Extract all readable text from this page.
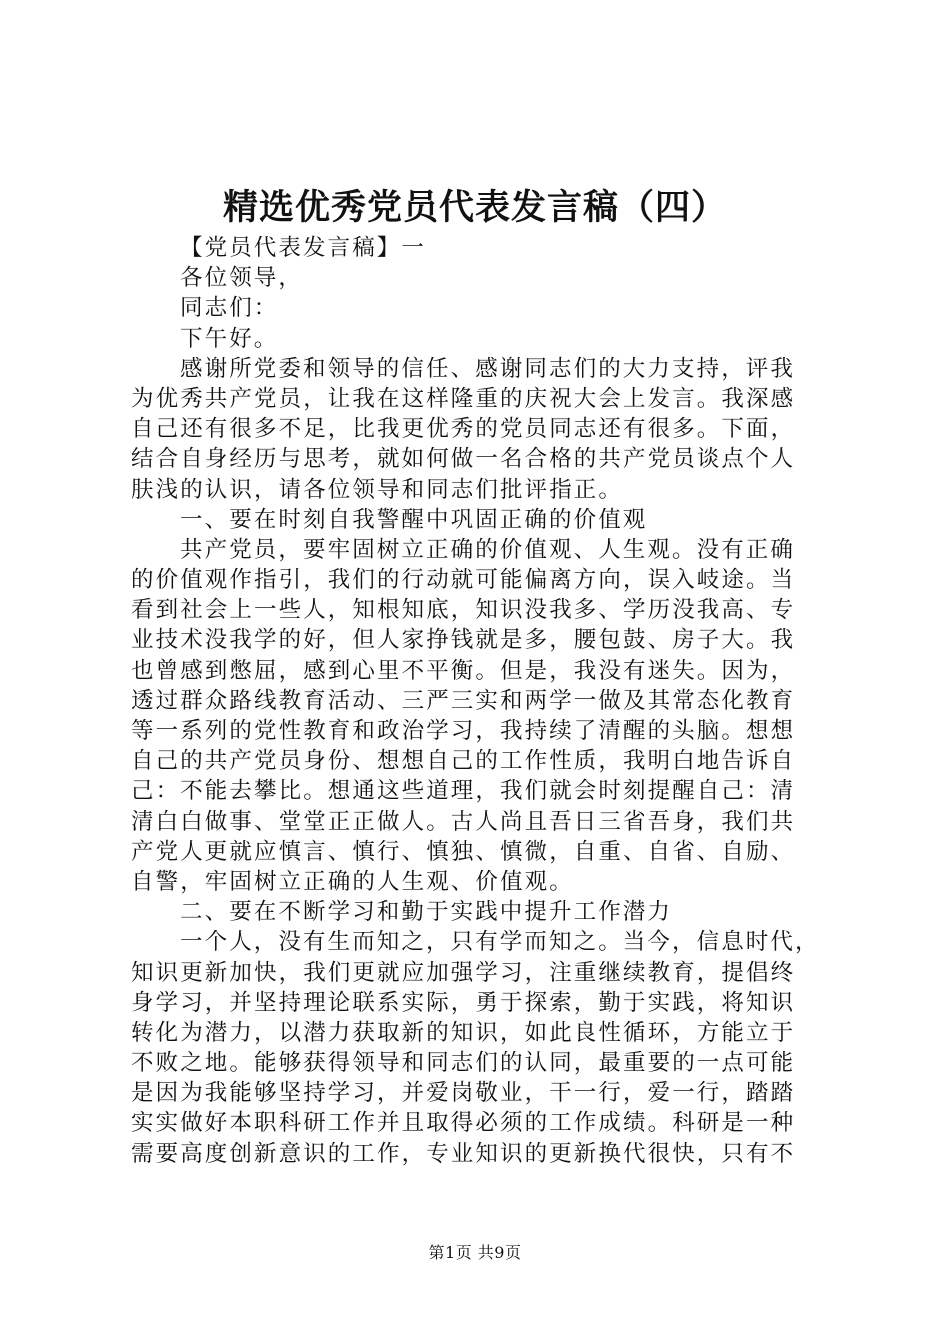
精选优秀党员代表发言稿（四）
【党员代表发言稿】一
各位领导，
同志们：
下午好。
感谢所党委和领导的信任、感谢同志们的大力支持，评我
为优秀共产党员，让我在这样隆重的庆祝大会上发言。我深感
自己还有很多不足，比我更优秀的党员同志还有很多。下面，
结合自身经历与思考，就如何做一名合格的共产党员谈点个人
肤浅的认识，请各位领导和同志们批评指正。
一、要在时刻自我警醒中巩固正确的价值观
共产党员，要牢固树立正确的价值观、人生观。没有正确
的价值观作指引，我们的行动就可能偏离方向，误入岐途。当
看到社会上一些人，知根知底，知识没我多、学历没我高、专
业技术没我学的好，但人家挣钱就是多，腰包鼓、房子大。我
也曾感到憋屈，感到心里不平衡。但是，我没有迷失。因为，
透过群众路线教育活动、三严三实和两学一做及其常态化教育
等一系列的党性教育和政治学习，我持续了清醒的头脑。想想
自己的共产党员身份、想想自己的工作性质，我明白地告诉自
己：不能去攀比。想通这些道理，我们就会时刻提醒自己：清
清白白做事、堂堂正正做人。古人尚且吾日三省吾身，我们共
产党人更就应慎言、慎行、慎独、慎微，自重、自省、自励、
自警，牢固树立正确的人生观、价值观。
二、要在不断学习和勤于实践中提升工作潜力
一个人，没有生而知之，只有学而知之。当今，信息时代，
知识更新加快，我们更就应加强学习，注重继续教育，提倡终
身学习，并坚持理论联系实际，勇于探索，勤于实践，将知识
转化为潜力，以潜力获取新的知识，如此良性循环，方能立于
不败之地。能够获得领导和同志们的认同，最重要的一点可能
是因为我能够坚持学习，并爱岗敬业，干一行，爱一行，踏踏
实实做好本职科研工作并且取得必须的工作成绩。科研是一种
需要高度创新意识的工作，专业知识的更新换代很快，只有不
第1页 共9页
